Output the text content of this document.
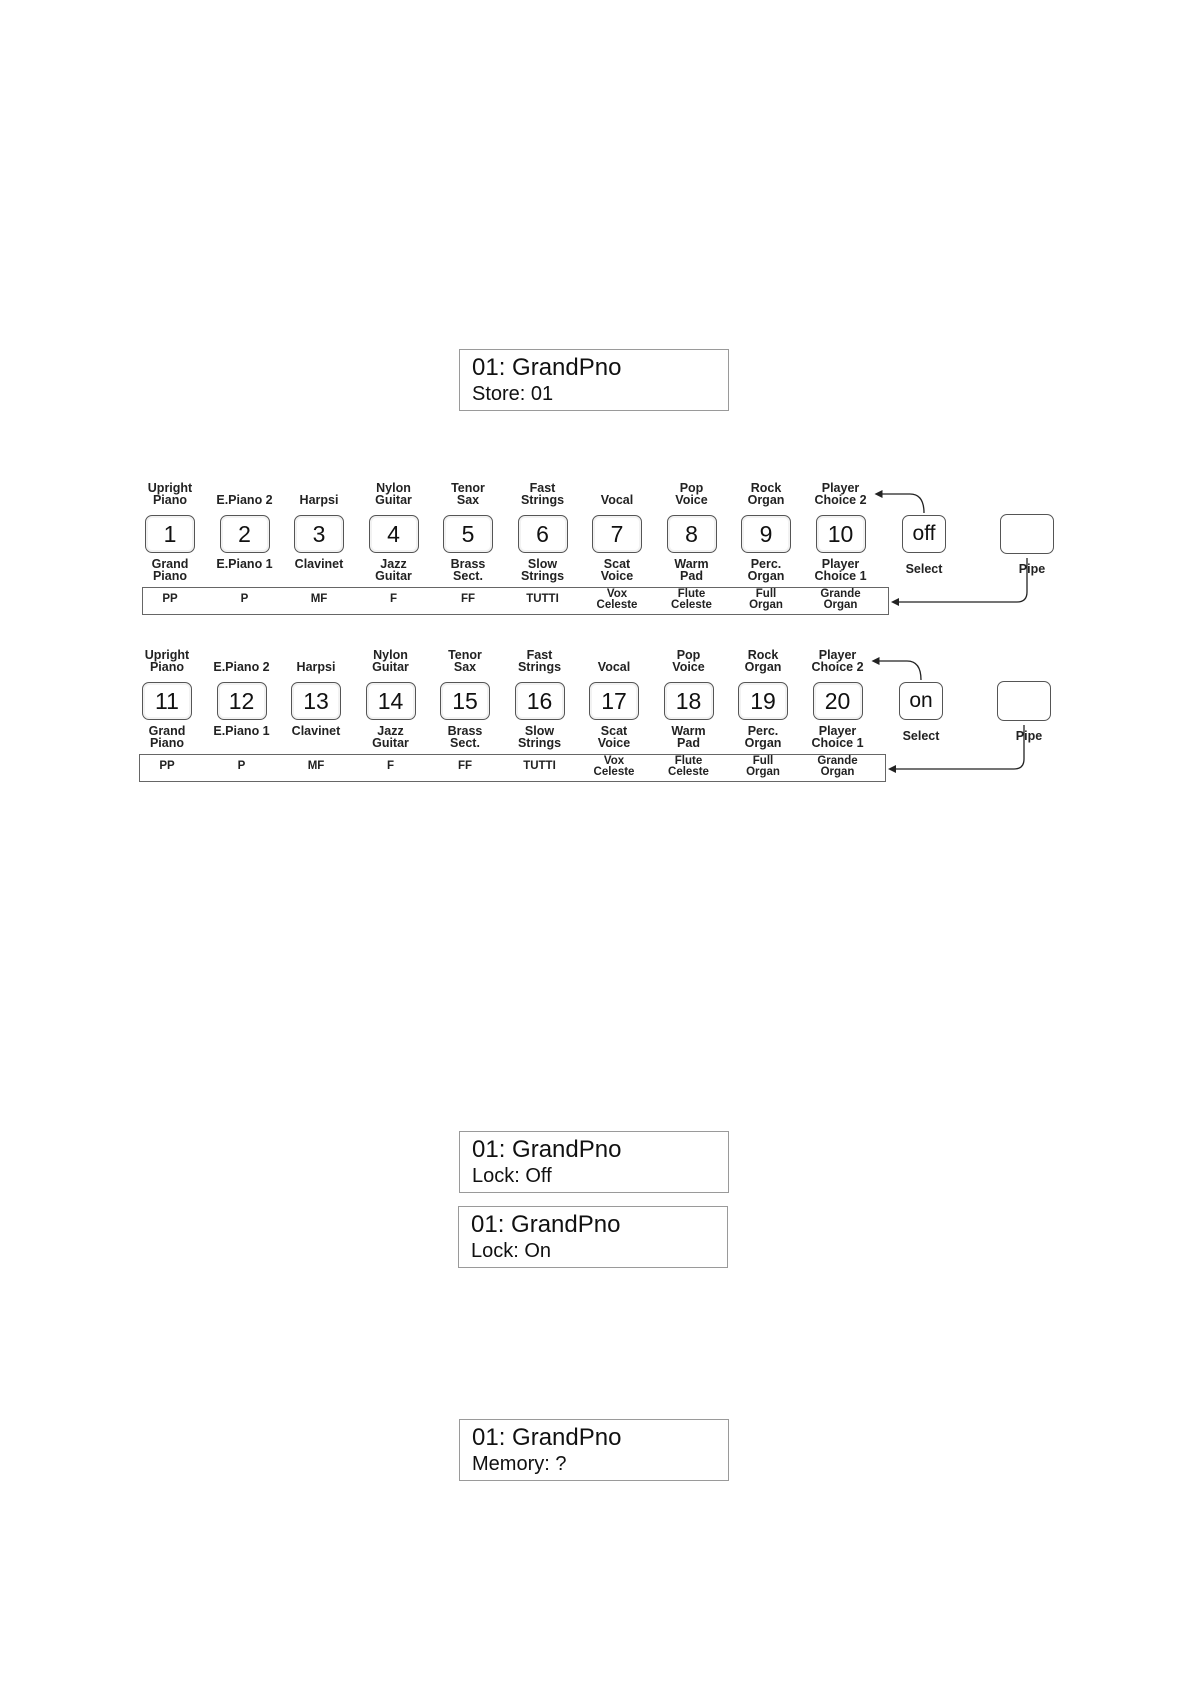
01: GrandPno
Store: 01
Upright
Piano
1
Grand
Piano
PP
E.Piano 2
2
E.Piano 1
P
Harpsi
3
Clavinet
MF
Nylon
Guitar
4
Jazz
Guitar
F
Tenor
Sax
5
Brass
Sect.
FF
Fast
Strings
6
Slow
Strings
TUTTI
Vocal
7
Scat
Voice
Vox
Celeste
Pop
Voice
8
Warm
Pad
Flute
Celeste
Rock
Organ
9
Perc.
Organ
Full
Organ
Player
Choice 2
10
Player
Choice 1
Grande
Organ
off
Select	Pipe
Upright
Piano
11
Grand
Piano
PP
E.Piano 2
12
E.Piano 1
P
Harpsi
13
Clavinet
MF
Nylon
Guitar
14
Jazz
Guitar
F
Tenor
Sax
15
Brass
Sect.
FF
Fast
Strings
16
Slow
Strings
TUTTI
Vocal
17
Scat
Voice
Vox
Celeste
Pop
Voice
18
Warm
Pad
Flute
Celeste
Rock
Organ
19
Perc.
Organ
Full
Organ
Player
Choice 2
20
Player
Choice 1
Grande
Organ
on
Select	Pipe
01: GrandPno
Lock: Off
01: GrandPno
Lock: On
01: GrandPno
Memory: ?
